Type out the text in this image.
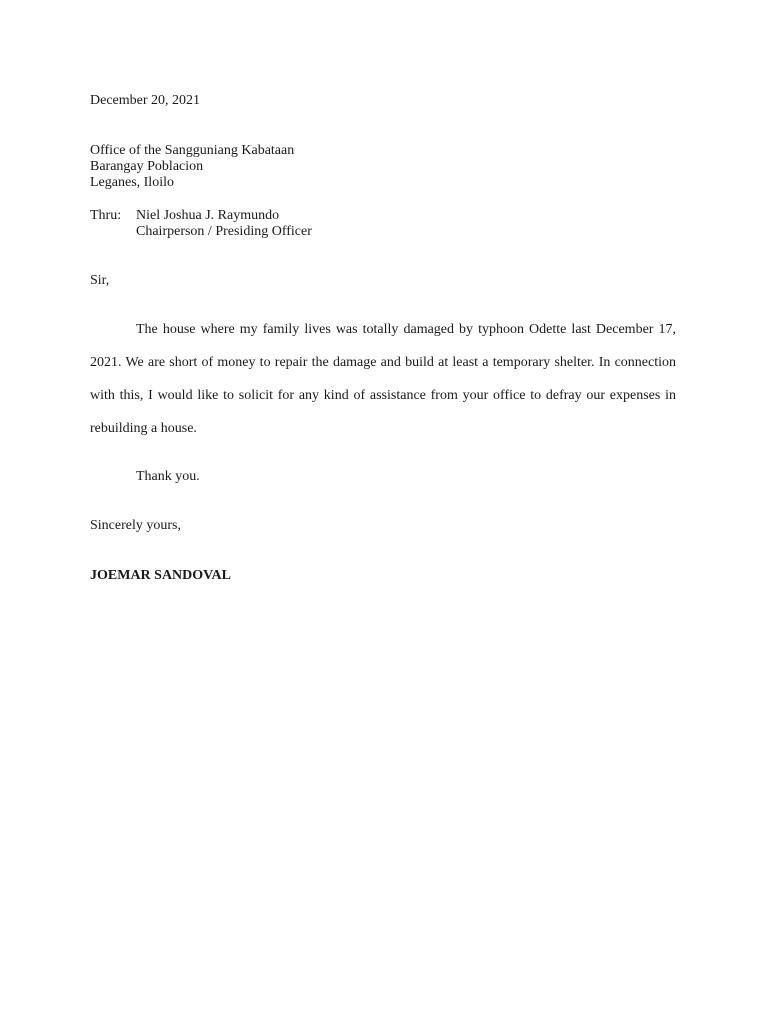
December 20, 2021
Office of the Sangguniang Kabataan
Barangay Poblacion
Leganes, Iloilo
Thru: Niel Joshua J. Raymundo
Chairperson / Presiding Officer
Sir,
The house where my family lives was totally damaged by typhoon Odette last December 17,
2021. We are short of money to repair the damage and build at least a temporary shelter. In connection
with this, I would like to solicit for any kind of assistance from your office to defray our expenses in
rebuilding a house.
Thank you.
Sincerely yours,
JOEMAR SANDOVAL
